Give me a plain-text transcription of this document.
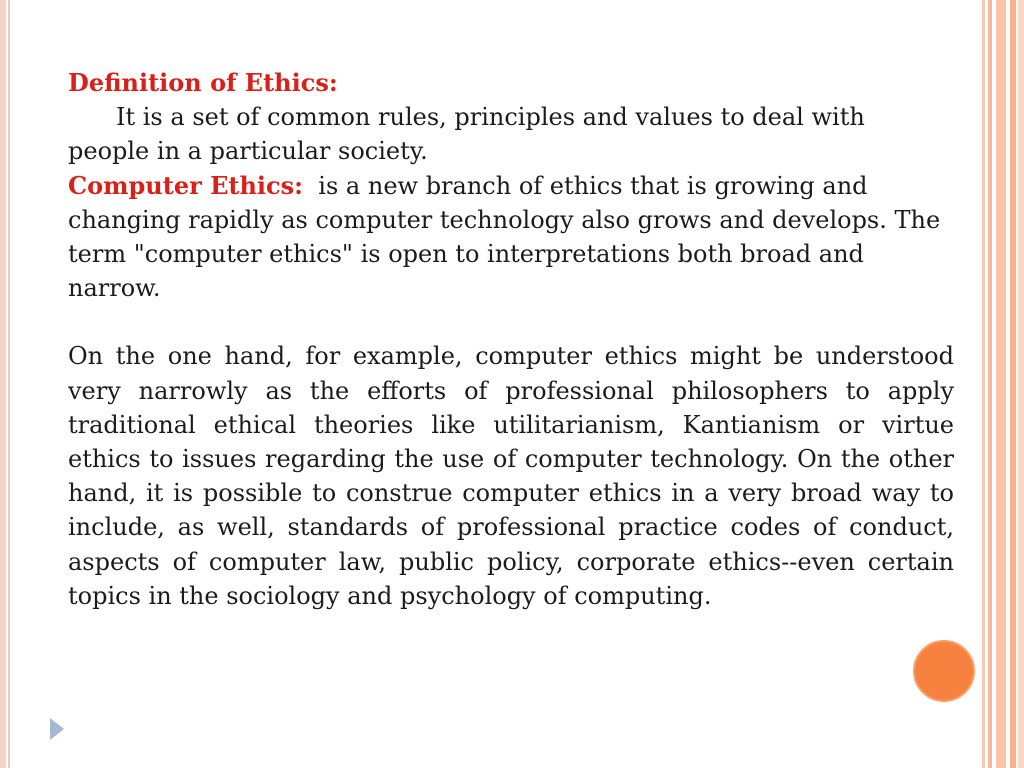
Definition of Ethics:

It is a set of common rules, principles and values to deal with

people in a particular society.

Computer Ethics: is a new branch of ethics that is growing and changing rapidly as computer technology also grows and develops. The term "computer ethics" is open to interpretations both broad and narrow.

On the one hand, for example, computer ethics might be understood very narrowly as the efforts of professional philosophers to apply traditional ethical theories like utilitarianism, Kantianism or virtue ethics to issues regarding the use of computer technology. On the other hand, it is possible to construe computer ethics in a very broad way to include, as well, standards of professional practice codes of conduct, aspects of computer law, public policy, corporate ethics--even certain topics in the sociology and psychology of computing.
